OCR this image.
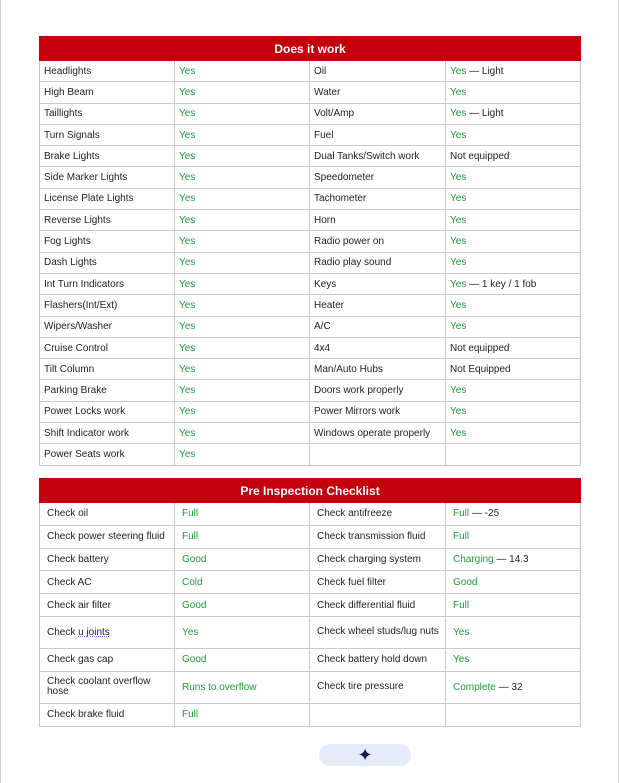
Does it work			
Headlights	Yes	Oil	Yes — Light
High Beam	Yes	Water	Yes
Taillights	Yes	Volt/Amp	Yes — Light
Turn Signals	Yes	Fuel	Yes
Brake Lights	Yes	Dual Tanks/Switch work	Not equipped
Side Marker Lights	Yes	Speedometer	Yes
License Plate Lights	Yes	Tachometer	Yes
Reverse Lights	Yes	Horn	Yes
Fog Lights	Yes	Radio power on	Yes
Dash Lights	Yes	Radio play sound	Yes
Int Turn Indicators	Yes	Keys	Yes — 1 key / 1 fob
Flashers(Int/Ext)	Yes	Heater	Yes
Wipers/Washer	Yes	A/C	Yes
Cruise Control	Yes	4x4	Not equipped
Tilt Column	Yes	Man/Auto Hubs	Not Equipped
Parking Brake	Yes	Doors work properly	Yes
Power Locks work	Yes	Power Mirrors work	Yes
Shift Indicator work	Yes	Windows operate properly	Yes
Power Seats work	Yes		
Pre Inspection Checklist			
Check oil	Full	Check antifreeze	Full — -25
Check power steering fluid	Full	Check transmission fluid	Full
Check battery	Good	Check charging system	Charging — 14.3
Check AC	Cold	Check fuel filter	Good
Check air filter	Good	Check differential fluid	Full
Check u joints	Yes	Check wheel studs/lug nuts	Yes
Check gas cap	Good	Check battery hold down	Yes
Check coolant overflow hose	Runs to overflow	Check tire pressure	Complete — 32
Check brake fluid	Full		
✦
